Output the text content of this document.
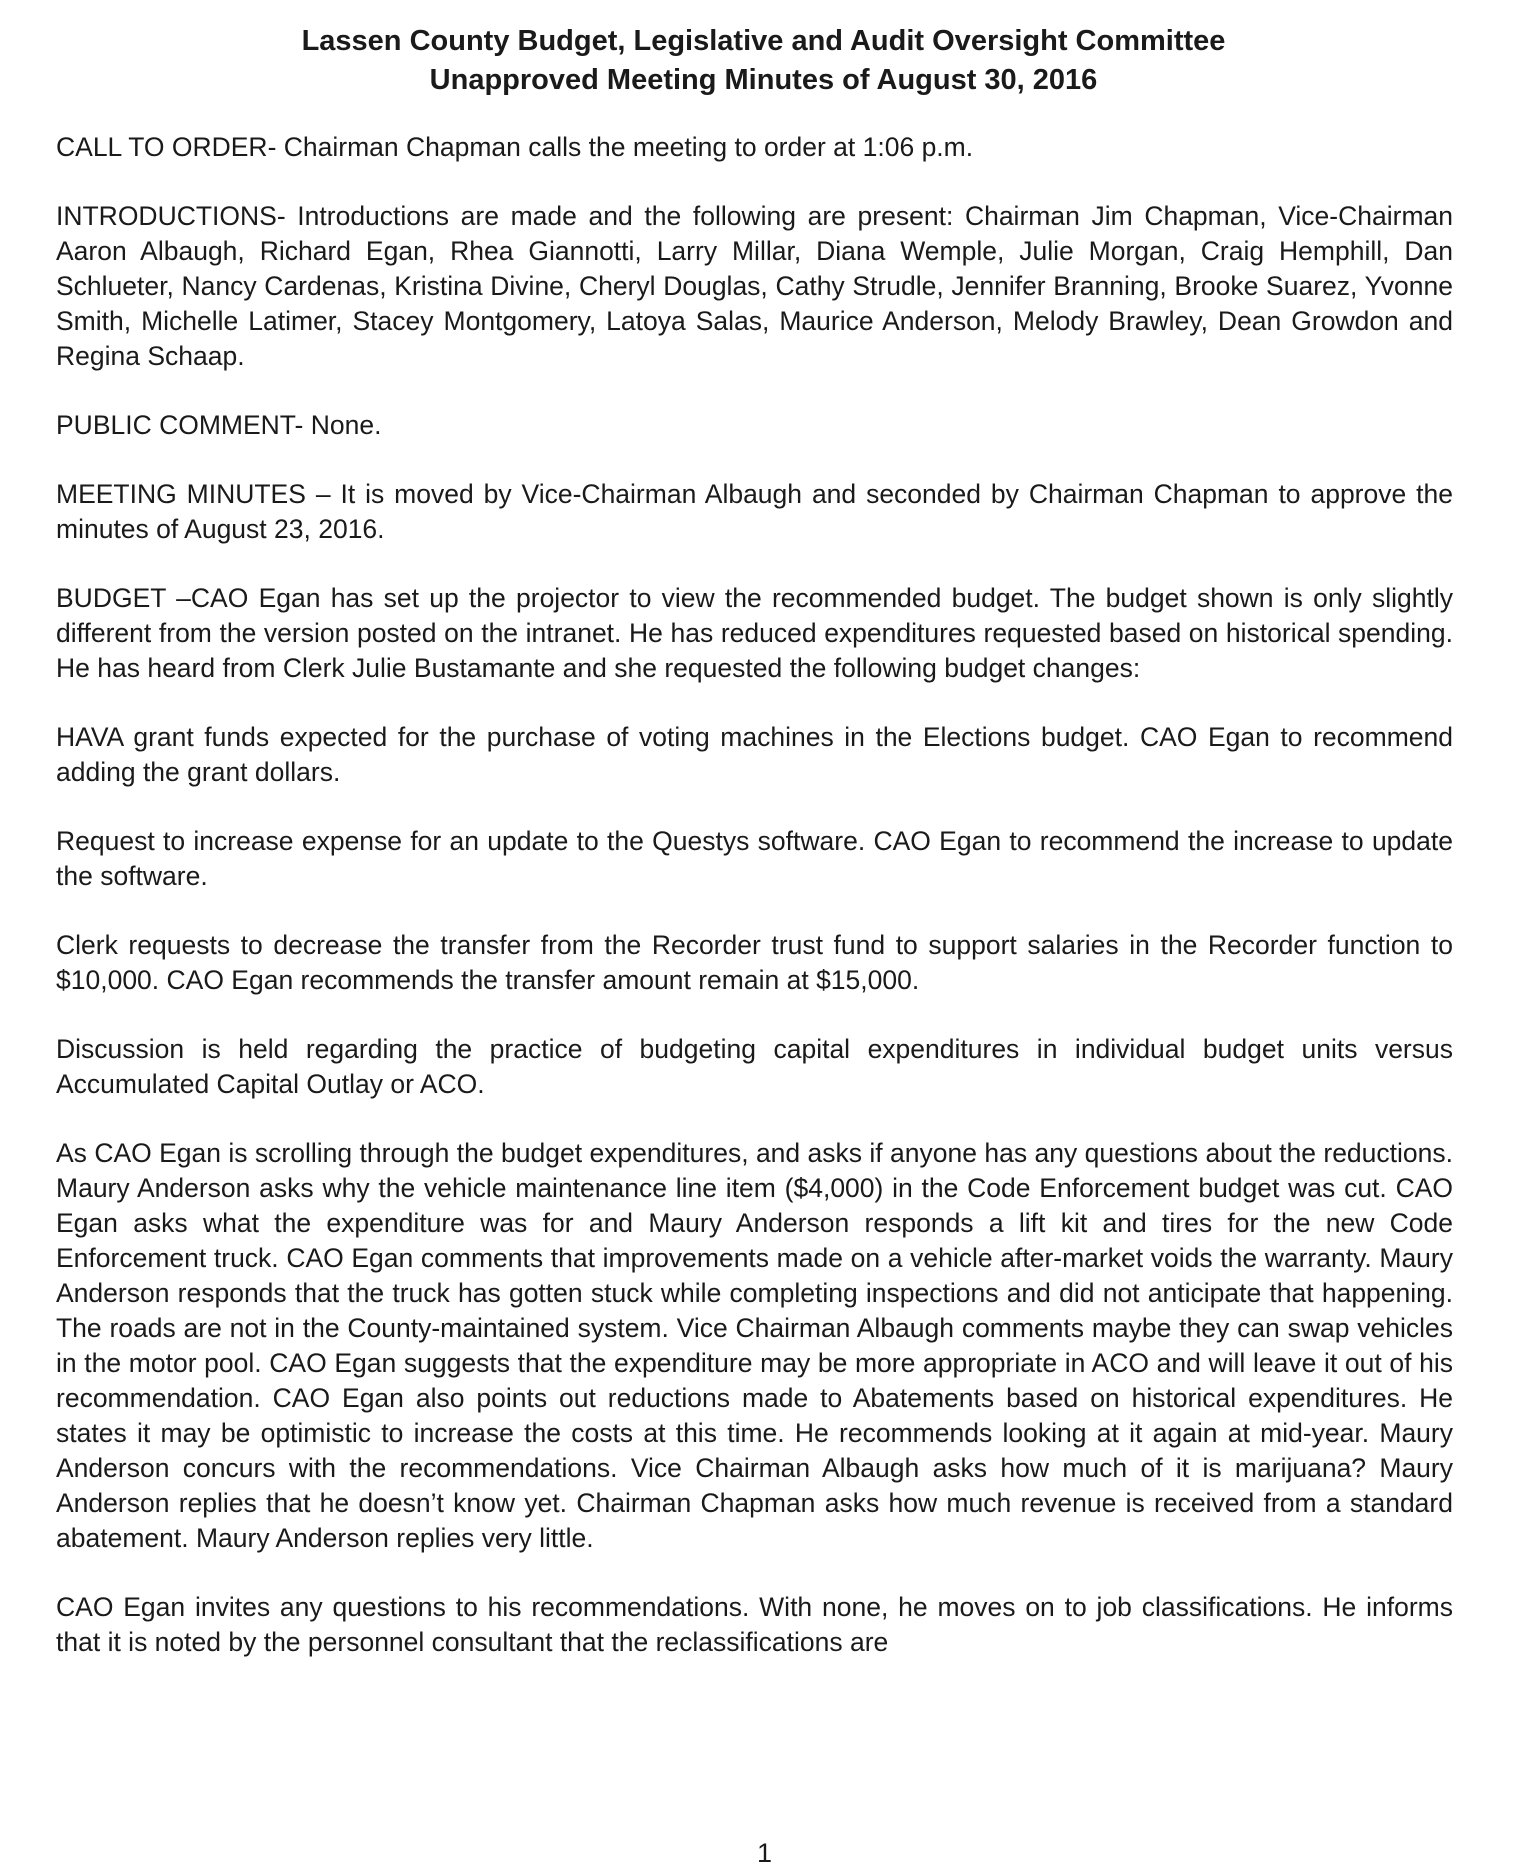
Lassen County Budget, Legislative and Audit Oversight Committee
Unapproved Meeting Minutes of August 30, 2016

CALL TO ORDER- Chairman Chapman calls the meeting to order at 1:06 p.m.

INTRODUCTIONS- Introductions are made and the following are present: Chairman Jim Chapman, Vice-Chairman Aaron Albaugh, Richard Egan, Rhea Giannotti, Larry Millar, Diana Wemple, Julie Morgan, Craig Hemphill, Dan Schlueter, Nancy Cardenas, Kristina Divine, Cheryl Douglas, Cathy Strudle, Jennifer Branning, Brooke Suarez, Yvonne Smith, Michelle Latimer, Stacey Montgomery, Latoya Salas, Maurice Anderson, Melody Brawley, Dean Growdon and Regina Schaap.

PUBLIC COMMENT- None.

MEETING MINUTES – It is moved by Vice-Chairman Albaugh and seconded by Chairman Chapman to approve the minutes of August 23, 2016.

BUDGET –CAO Egan has set up the projector to view the recommended budget. The budget shown is only slightly different from the version posted on the intranet. He has reduced expenditures requested based on historical spending. He has heard from Clerk Julie Bustamante and she requested the following budget changes:

HAVA grant funds expected for the purchase of voting machines in the Elections budget. CAO Egan to recommend adding the grant dollars.

Request to increase expense for an update to the Questys software. CAO Egan to recommend the increase to update the software.

Clerk requests to decrease the transfer from the Recorder trust fund to support salaries in the Recorder function to $10,000. CAO Egan recommends the transfer amount remain at $15,000.

Discussion is held regarding the practice of budgeting capital expenditures in individual budget units versus Accumulated Capital Outlay or ACO.

As CAO Egan is scrolling through the budget expenditures, and asks if anyone has any questions about the reductions. Maury Anderson asks why the vehicle maintenance line item ($4,000) in the Code Enforcement budget was cut. CAO Egan asks what the expenditure was for and Maury Anderson responds a lift kit and tires for the new Code Enforcement truck. CAO Egan comments that improvements made on a vehicle after-market voids the warranty. Maury Anderson responds that the truck has gotten stuck while completing inspections and did not anticipate that happening. The roads are not in the County-maintained system. Vice Chairman Albaugh comments maybe they can swap vehicles in the motor pool. CAO Egan suggests that the expenditure may be more appropriate in ACO and will leave it out of his recommendation. CAO Egan also points out reductions made to Abatements based on historical expenditures. He states it may be optimistic to increase the costs at this time. He recommends looking at it again at mid-year. Maury Anderson concurs with the recommendations. Vice Chairman Albaugh asks how much of it is marijuana? Maury Anderson replies that he doesn’t know yet. Chairman Chapman asks how much revenue is received from a standard abatement. Maury Anderson replies very little.

CAO Egan invites any questions to his recommendations. With none, he moves on to job classifications. He informs that it is noted by the personnel consultant that the reclassifications are

1
